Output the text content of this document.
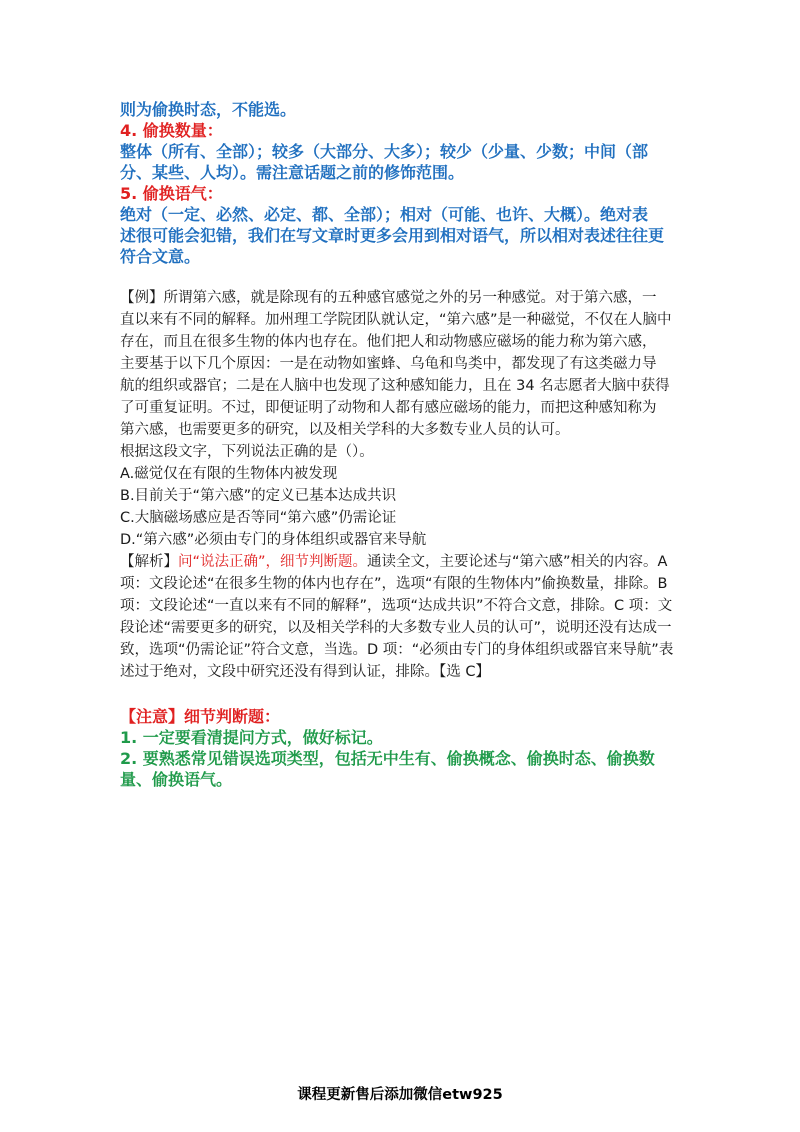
则为偷换时态，不能选。
4. 偷换数量：
整体（所有、全部）；较多（大部分、大多）；较少（少量、少数；中间（部
分、某些、人均）。需注意话题之前的修饰范围。
5. 偷换语气：
绝对（一定、必然、必定、都、全部）；相对（可能、也许、大概）。绝对表
述很可能会犯错，我们在写文章时更多会用到相对语气，所以相对表述往往更
符合文意。
【例】所谓第六感，就是除现有的五种感官感觉之外的另一种感觉。对于第六感，一
直以来有不同的解释。加州理工学院团队就认定，“第六感”是一种磁觉，不仅在人脑中
存在，而且在很多生物的体内也存在。他们把人和动物感应磁场的能力称为第六感，
主要基于以下几个原因：一是在动物如蜜蜂、乌龟和鸟类中，都发现了有这类磁力导
航的组织或器官；二是在人脑中也发现了这种感知能力，且在 34 名志愿者大脑中获得
了可重复证明。不过，即便证明了动物和人都有感应磁场的能力，而把这种感知称为
第六感，也需要更多的研究，以及相关学科的大多数专业人员的认可。
根据这段文字，下列说法正确的是（）。
A.磁觉仅在有限的生物体内被发现
B.目前关于“第六感”的定义已基本达成共识
C.大脑磁场感应是否等同“第六感”仍需论证
D.“第六感”必须由专门的身体组织或器官来导航
【解析】问“说法正确”，细节判断题。通读全文，主要论述与“第六感”相关的内容。A
项：文段论述“在很多生物的体内也存在”，选项“有限的生物体内”偷换数量，排除。B
项：文段论述“一直以来有不同的解释”，选项“达成共识”不符合文意，排除。C 项：文
段论述“需要更多的研究，以及相关学科的大多数专业人员的认可”，说明还没有达成一
致，选项“仍需论证”符合文意，当选。D 项：“必须由专门的身体组织或器官来导航”表
述过于绝对，文段中研究还没有得到认证，排除。【选 C】
【注意】细节判断题：
1. 一定要看清提问方式，做好标记。
2. 要熟悉常见错误选项类型，包括无中生有、偷换概念、偷换时态、偷换数
量、偷换语气。
课程更新售后添加微信etw925
